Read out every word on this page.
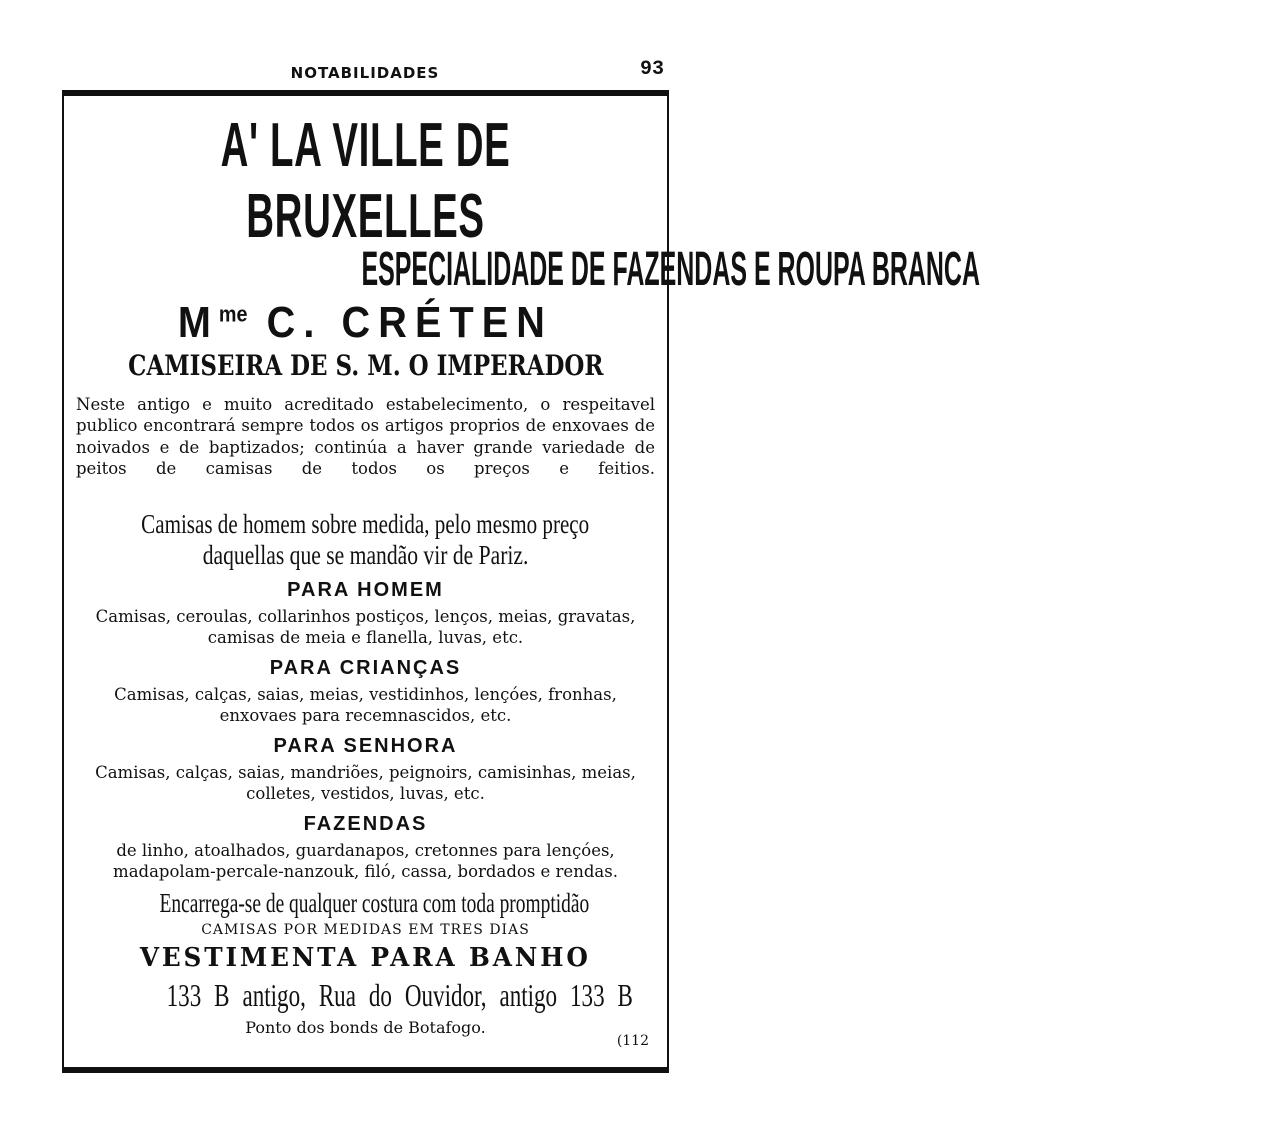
NOTABILIDADES	93
A' LA VILLE DE BRUXELLES
ESPECIALIDADE DE FAZENDAS E ROUPA BRANCA
$M^{me}$ C. CRÉTEN
CAMISEIRA DE S. M. O IMPERADOR

Neste antigo e muito acreditado estabelecimento, o respeitavel publico encontrará sempre todos os artigos proprios de enxovaes de noivados e de baptizados; continúa a haver grande variedade de peitos de camisas de todos os preços e feitios.

Camisas de homem sobre medida, pelo mesmo preço
daquellas que se mandão vir de Pariz.
PARA HOMEM

Camisas, ceroulas, collarinhos postiços, lenços, meias, gravatas, camisas de meia e flanella, luvas, etc.

PARA CRIANÇAS

Camisas, calças, saias, meias, vestidinhos, lençóes, fronhas, enxovaes para recemnascidos, etc.

PARA SENHORA

Camisas, calças, saias, mandriões, peignoirs, camisinhas, meias, colletes, vestidos, luvas, etc.

FAZENDAS

de linho, atoalhados, guardanapos, cretonnes para lençóes, madapolam-percale-nanzouk, filó, cassa, bordados e rendas.

Encarrega-se de qualquer costura com toda promptidão
CAMISAS POR MEDIDAS EM TRES DIAS
VESTIMENTA PARA BANHO
133 B antigo, Rua do Ouvidor, antigo 133 B
Ponto dos bonds de Botafogo.
(112
